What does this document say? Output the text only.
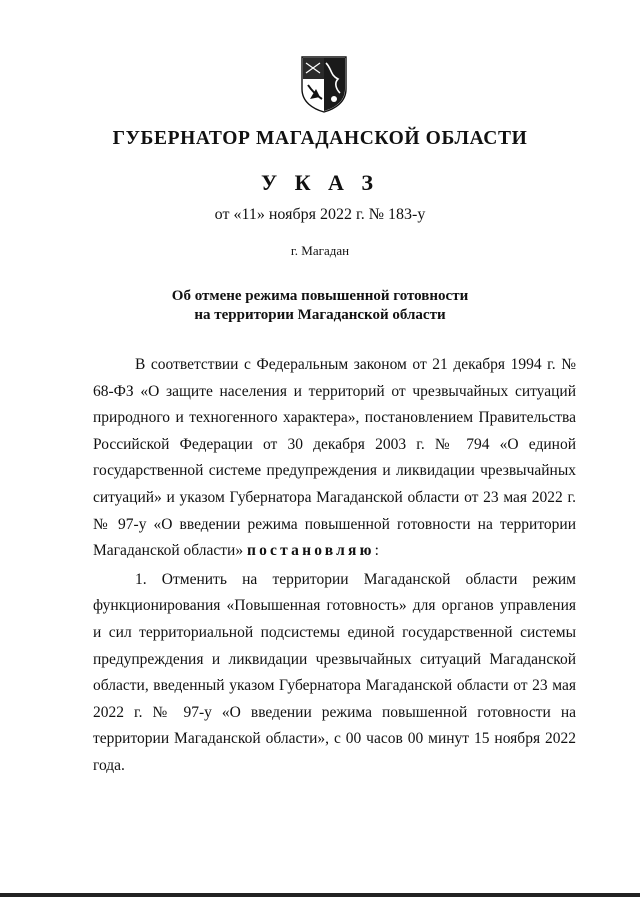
ГУБЕРНАТОР МАГАДАНСКОЙ ОБЛАСТИ
У К А З
от «11» ноября 2022 г. № 183-у
г. Магадан
Об отмене режима повышенной готовности
на территории Магаданской области

В соответствии с Федеральным законом от 21 декабря 1994 г. № 68-ФЗ «О защите населения и территорий от чрезвычайных ситуаций природного и техногенного характера», постановлением Правительства Российской Федерации от 30 декабря 2003 г. № 794 «О единой государственной системе предупреждения и ликвидации чрезвычайных ситуаций» и указом Губернатора Магаданской области от 23 мая 2022 г. № 97-у «О введении режима повышенной готовности на территории Магаданской области» постановляю:

1. Отменить на территории Магаданской области режим функционирования «Повышенная готовность» для органов управления и сил территориальной подсистемы единой государственной системы предупреждения и ликвидации чрезвычайных ситуаций Магаданской области, введенный указом Губернатора Магаданской области от 23 мая 2022 г. № 97-у «О введении режима повышенной готовности на территории Магаданской области», с 00 часов 00 минут 15 ноября 2022 года.
